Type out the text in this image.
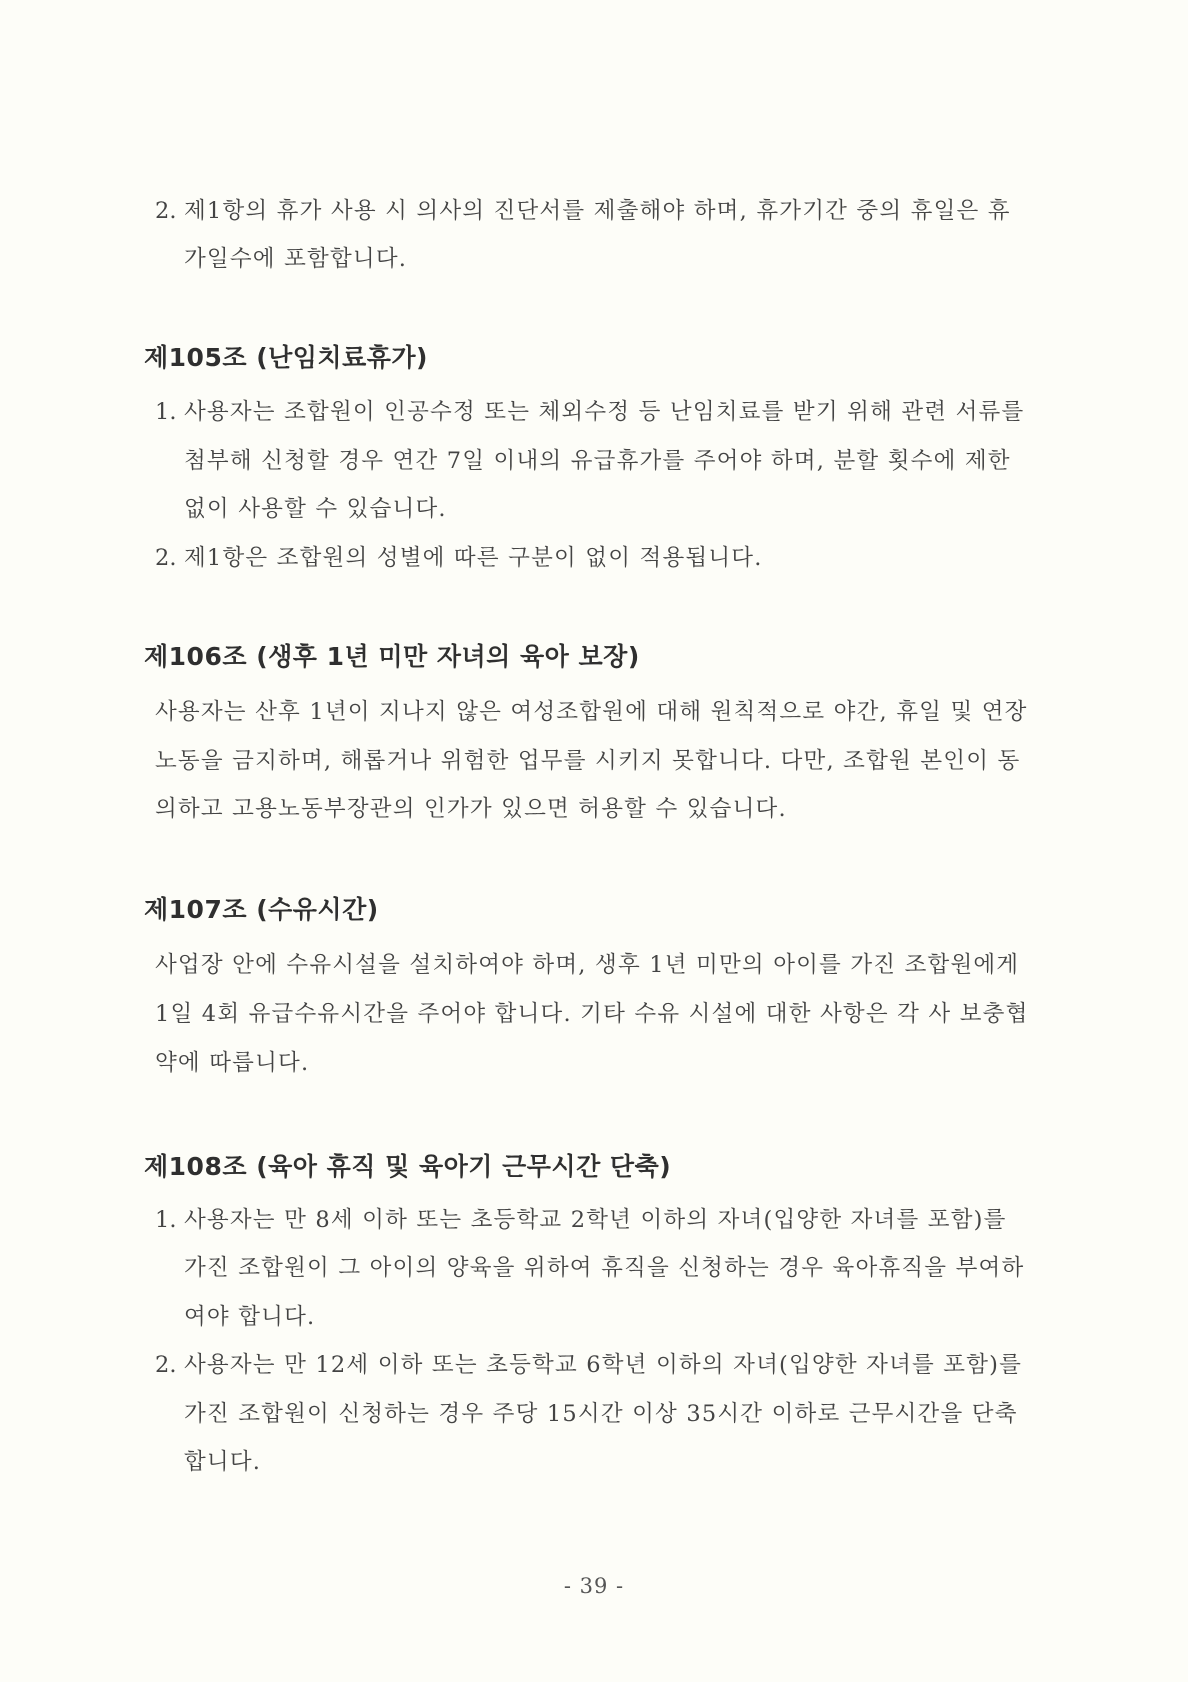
2. 제1항의 휴가 사용 시 의사의 진단서를 제출해야 하며, 휴가기간 중의 휴일은 휴
가일수에 포함합니다.
제105조 (난임치료휴가)
1. 사용자는 조합원이 인공수정 또는 체외수정 등 난임치료를 받기 위해 관련 서류를
첨부해 신청할 경우 연간 7일 이내의 유급휴가를 주어야 하며, 분할 횟수에 제한
없이 사용할 수 있습니다.
2. 제1항은 조합원의 성별에 따른 구분이 없이 적용됩니다.
제106조 (생후 1년 미만 자녀의 육아 보장)
사용자는 산후 1년이 지나지 않은 여성조합원에 대해 원칙적으로 야간, 휴일 및 연장
노동을 금지하며, 해롭거나 위험한 업무를 시키지 못합니다. 다만, 조합원 본인이 동
의하고 고용노동부장관의 인가가 있으면 허용할 수 있습니다.
제107조 (수유시간)
사업장 안에 수유시설을 설치하여야 하며, 생후 1년 미만의 아이를 가진 조합원에게
1일 4회 유급수유시간을 주어야 합니다. 기타 수유 시설에 대한 사항은 각 사 보충협
약에 따릅니다.
제108조 (육아 휴직 및 육아기 근무시간 단축)
1. 사용자는 만 8세 이하 또는 초등학교 2학년 이하의 자녀(입양한 자녀를 포함)를
가진 조합원이 그 아이의 양육을 위하여 휴직을 신청하는 경우 육아휴직을 부여하
여야 합니다.
2. 사용자는 만 12세 이하 또는 초등학교 6학년 이하의 자녀(입양한 자녀를 포함)를
가진 조합원이 신청하는 경우 주당 15시간 이상 35시간 이하로 근무시간을 단축
합니다.
- 39 -
